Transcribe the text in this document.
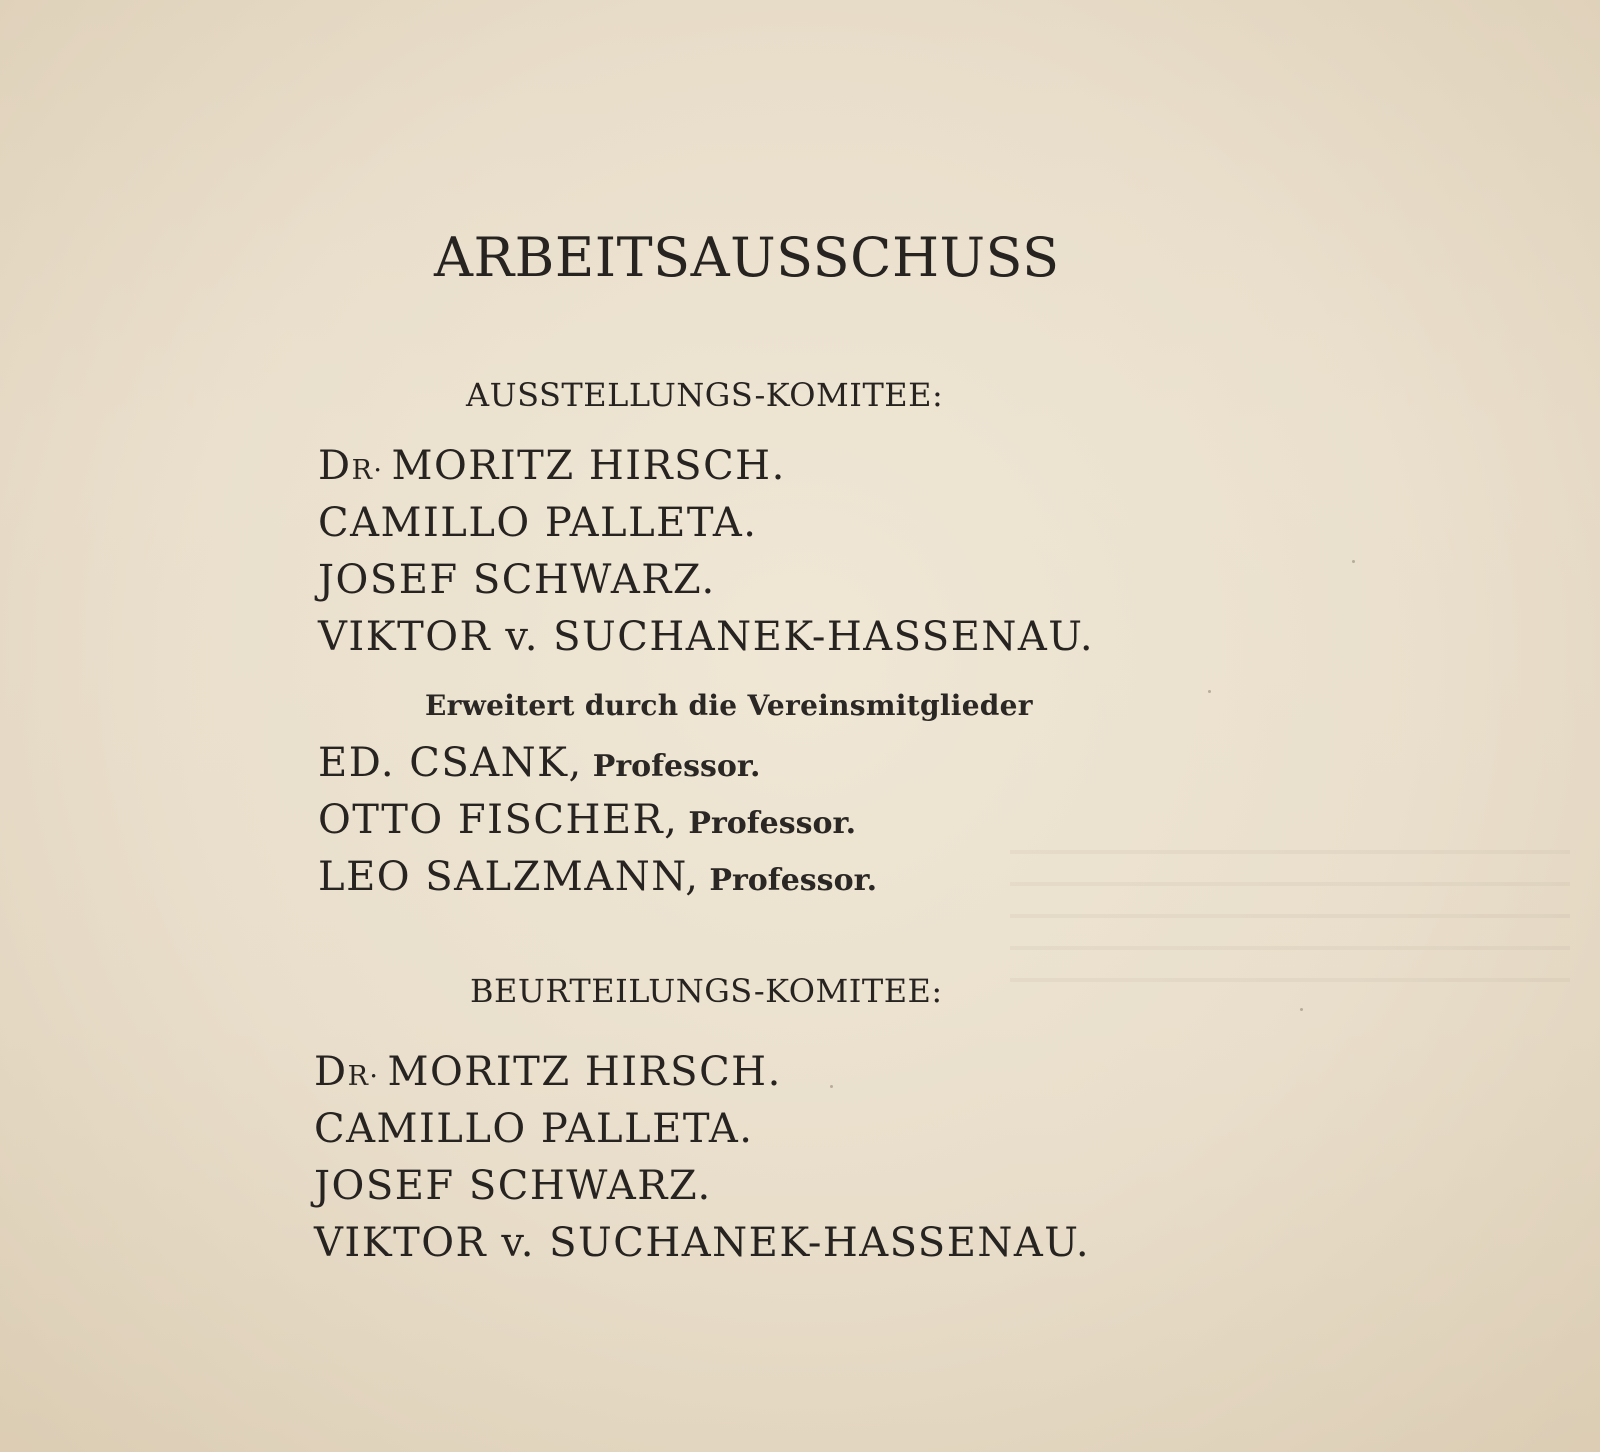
ARBEITSAUSSCHUSS
AUSSTELLUNGS-KOMITEE:
DR· MORITZ HIRSCH.
CAMILLO PALLETA.
JOSEF SCHWARZ.
VIKTOR v. SUCHANEK-HASSENAU.
Erweitert durch die Vereinsmitglieder
ED. CSANK, Professor.
OTTO FISCHER, Professor.
LEO SALZMANN, Professor.
BEURTEILUNGS-KOMITEE:
DR· MORITZ HIRSCH.
CAMILLO PALLETA.
JOSEF SCHWARZ.
VIKTOR v. SUCHANEK-HASSENAU.
